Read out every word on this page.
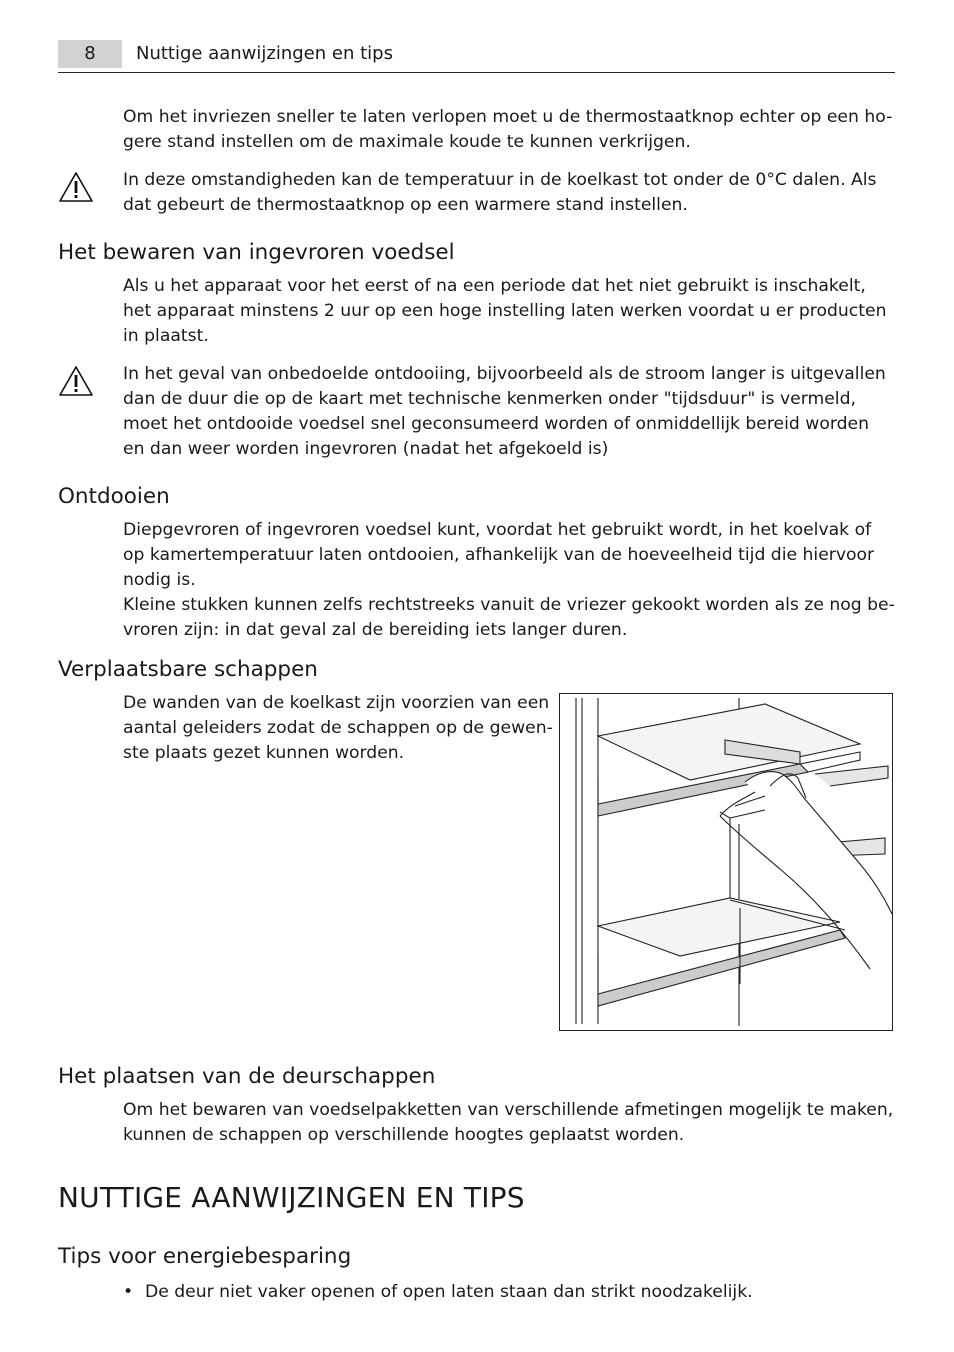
8	Nuttige aanwijzingen en tips

Om het invriezen sneller te laten verlopen moet u de thermostaatknop echter op een ho-
gere stand instellen om de maximale koude te kunnen verkrijgen.

In deze omstandigheden kan de temperatuur in de koelkast tot onder de 0°C dalen. Als
dat gebeurt de thermostaatknop op een warmere stand instellen.

Het bewaren van ingevroren voedsel

Als u het apparaat voor het eerst of na een periode dat het niet gebruikt is inschakelt,
het apparaat minstens 2 uur op een hoge instelling laten werken voordat u er producten
in plaatst.

In het geval van onbedoelde ontdooiing, bijvoorbeeld als de stroom langer is uitgevallen
dan de duur die op de kaart met technische kenmerken onder "tijdsduur" is vermeld,
moet het ontdooide voedsel snel geconsumeerd worden of onmiddellijk bereid worden
en dan weer worden ingevroren (nadat het afgekoeld is)

Ontdooien

Diepgevroren of ingevroren voedsel kunt, voordat het gebruikt wordt, in het koelvak of
op kamertemperatuur laten ontdooien, afhankelijk van de hoeveelheid tijd die hiervoor
nodig is.
Kleine stukken kunnen zelfs rechtstreeks vanuit de vriezer gekookt worden als ze nog be-
vroren zijn: in dat geval zal de bereiding iets langer duren.

Verplaatsbare schappen

De wanden van de koelkast zijn voorzien van een
aantal geleiders zodat de schappen op de gewen-
ste plaats gezet kunnen worden.

Het plaatsen van de deurschappen

Om het bewaren van voedselpakketten van verschillende afmetingen mogelijk te maken,
kunnen de schappen op verschillende hoogtes geplaatst worden.

NUTTIGE AANWIJZINGEN EN TIPS
Tips voor energiebesparing
• De deur niet vaker openen of open laten staan dan strikt noodzakelijk.
